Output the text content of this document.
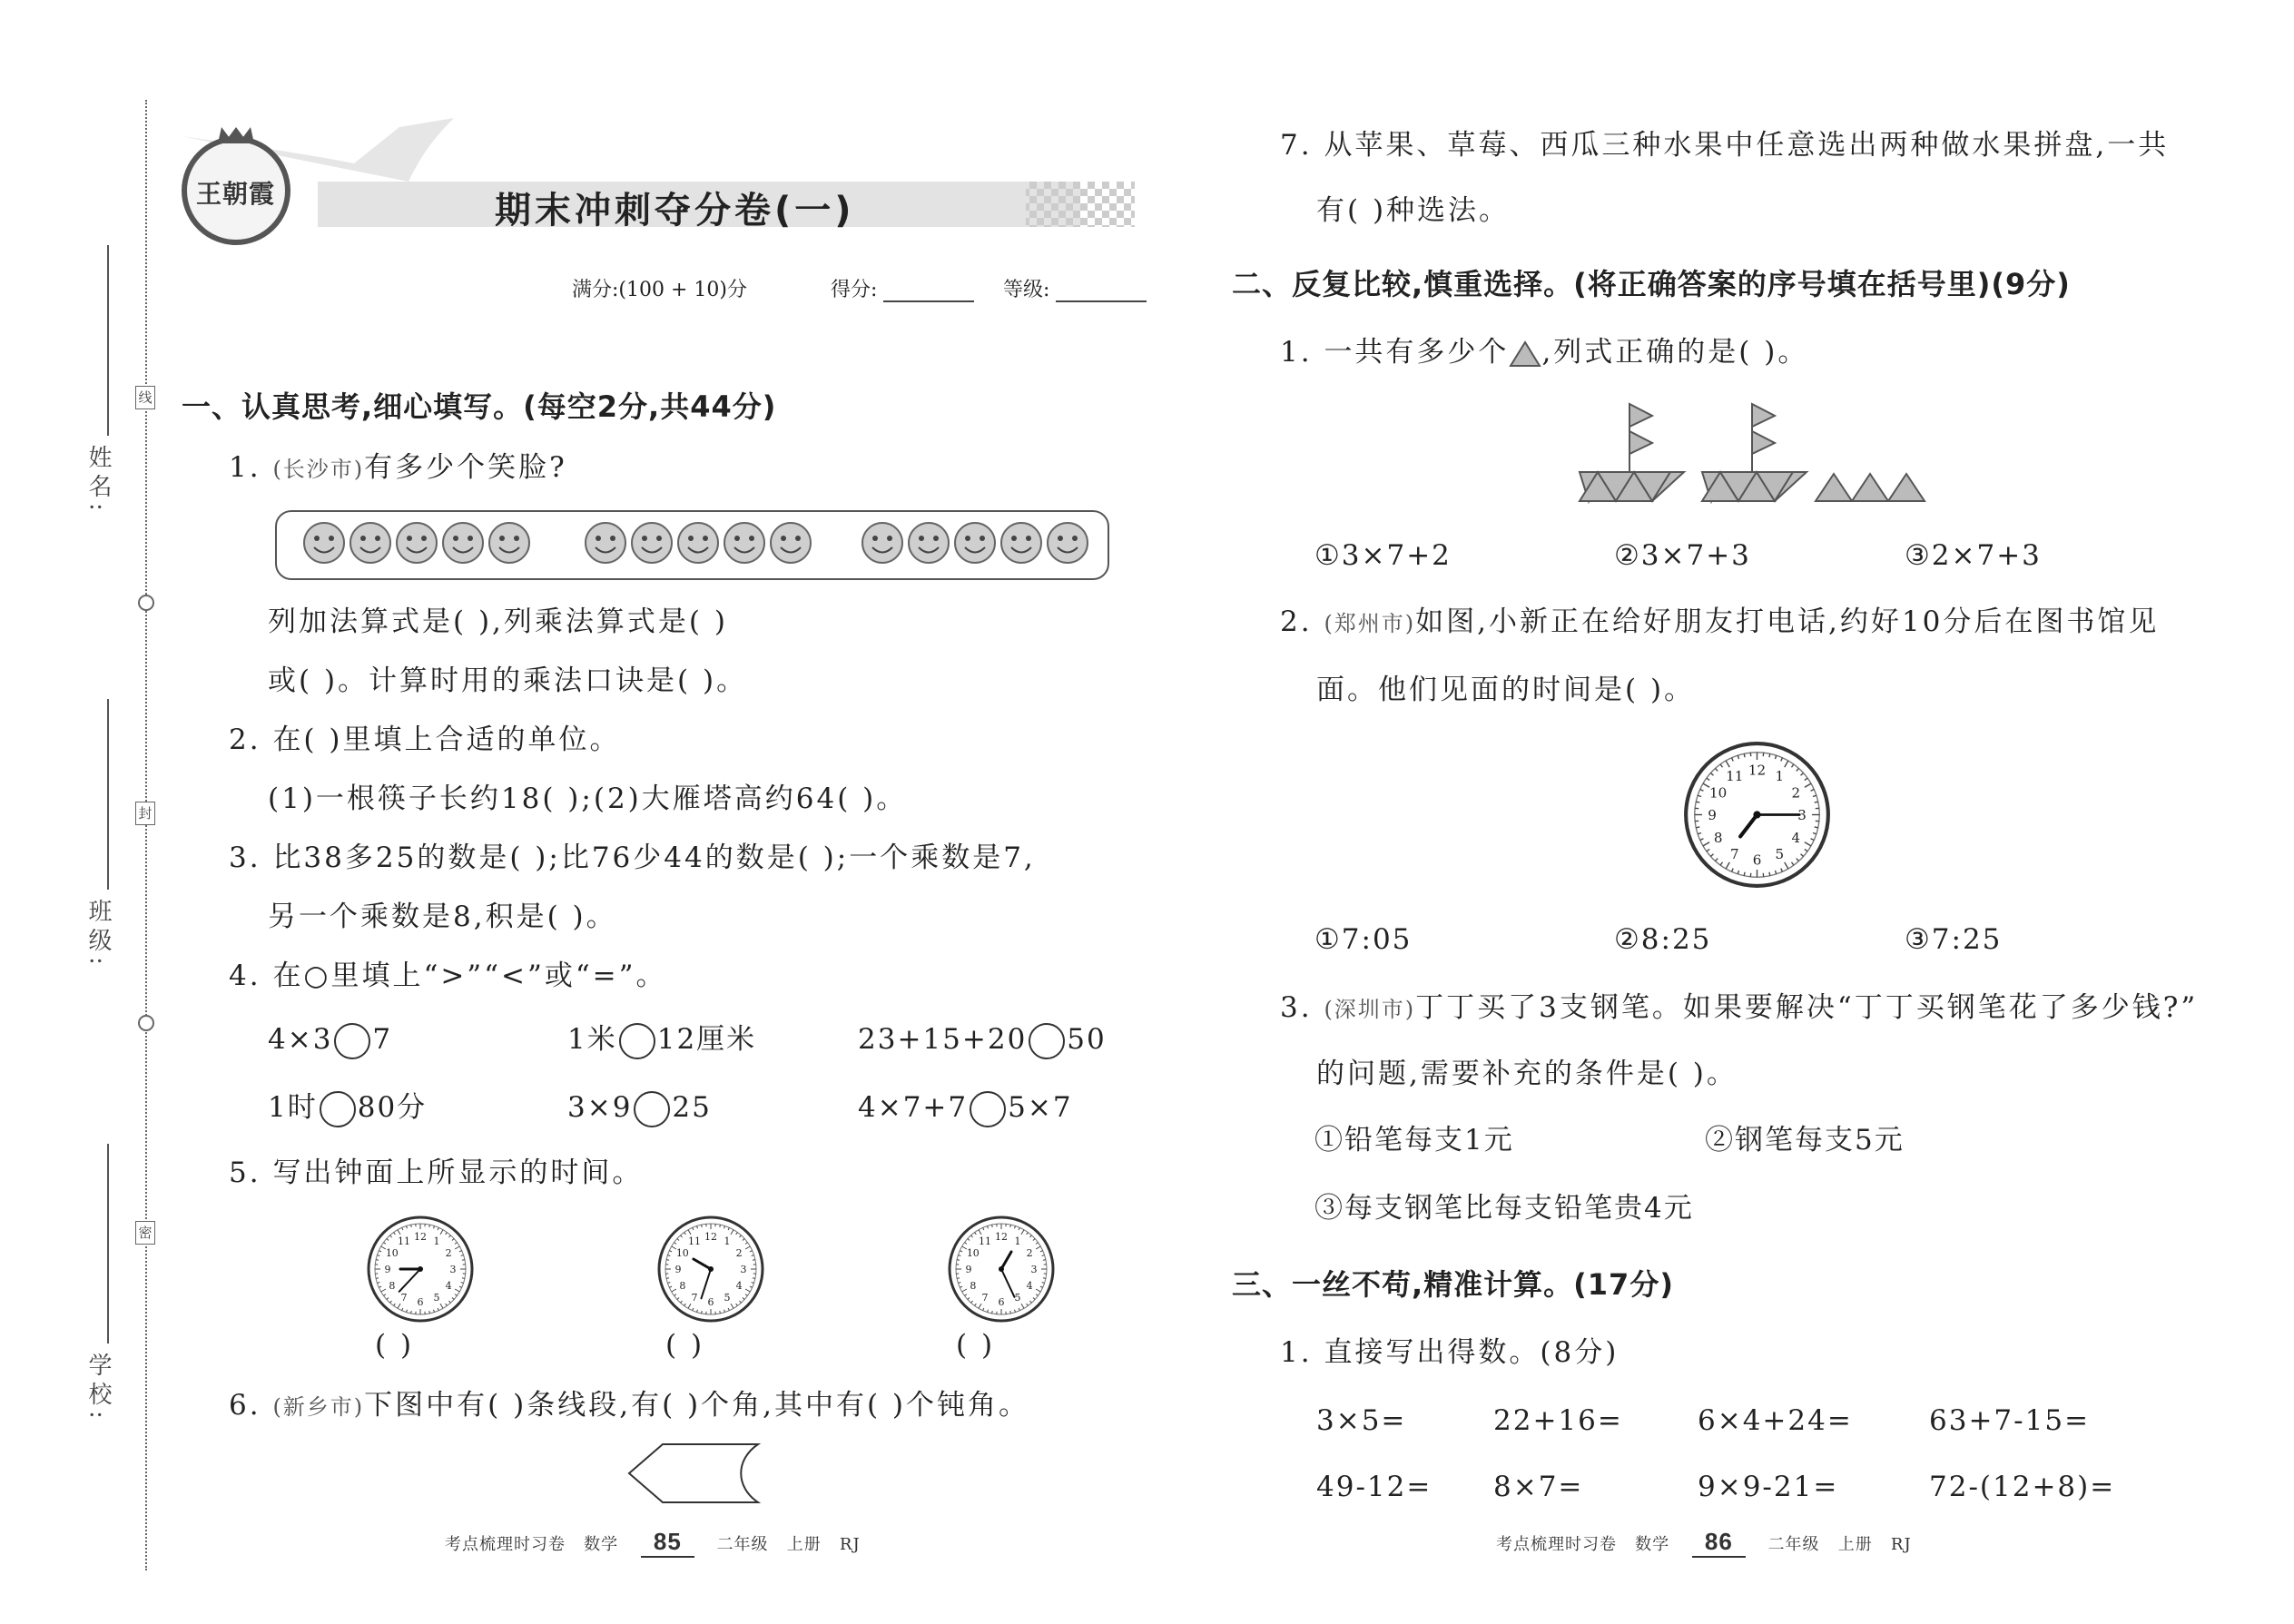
姓名:
班级:
学校:
线
封
密
王朝霞	期末冲刺夺分卷(一)
满分:(100 + 10)分	得分:	等级:
一、认真思考,细心填写。(每空2分,共44分)
1. (长沙市)有多少个笑脸?
列加法算式是( ),列乘法算式是( )
或( )。计算时用的乘法口诀是( )。
2. 在( )里填上合适的单位。
(1)一根筷子长约18( );(2)大雁塔高约64( )。
3. 比38多25的数是( );比76少44的数是( );一个乘数是7,
另一个乘数是8,积是( )。
4. 在○里填上“>”“<”或“=”。
4×3 7	1米 12厘米	23+15+20 50
1时 80分	3×9 25	4×7+7 5×7
5. 写出钟面上所显示的时间。
1
2
3
4
5
6
7
8
9
10
11 12	1
2
3
4
5
6
7
8
9
10
11 12	1
2
3
4
5
6
7
8
9
10
11 12
( )	( )	( )
6. (新乡市)下图中有( )条线段,有( )个角,其中有( )个钝角。
考点梳理时习卷 数学 85 二年级 上册 RJ
7. 从苹果、草莓、西瓜三种水果中任意选出两种做水果拼盘,一共
有( )种选法。
二、反复比较,慎重选择。(将正确答案的序号填在括号里)(9分)
1. 一共有多少个 ,列式正确的是( )。
①3×7+2	②3×7+3	③2×7+3
2. (郑州市)如图,小新正在给好朋友打电话,约好10分后在图书馆见
面。他们见面的时间是( )。
1
2
3
4
5
6
7
8
9
10
11 12
①7:05	②8:25	③7:25
3. (深圳市)丁丁买了3支钢笔。如果要解决“丁丁买钢笔花了多少钱?”
的问题,需要补充的条件是( )。
①铅笔每支1元	②钢笔每支5元
③每支钢笔比每支铅笔贵4元
三、一丝不苟,精准计算。(17分)
1. 直接写出得数。(8分)
3×5=	22+16=	6×4+24=	63+7-15=
49-12= 8×7=	9×9-21=	72-(12+8)=
考点梳理时习卷 数学 86 二年级 上册 RJ
